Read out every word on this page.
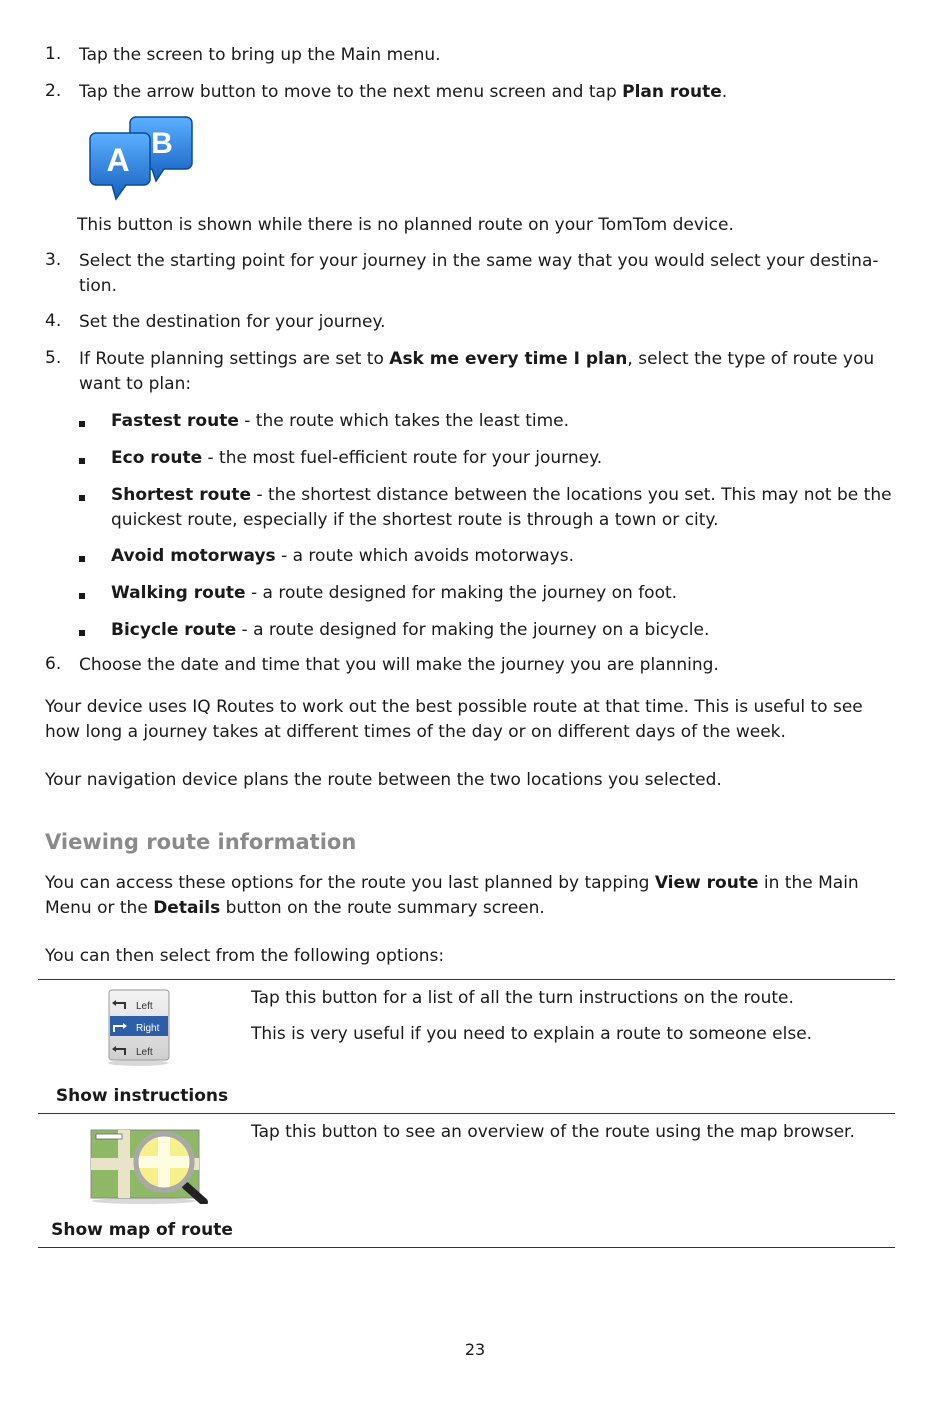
1. Tap the screen to bring up the Main menu.
2. Tap the arrow button to move to the next menu screen and tap Plan route.
B
A
This button is shown while there is no planned route on your TomTom device.
3. Select the starting point for your journey in the same way that you would select your destina-
tion.
4. Set the destination for your journey.
5. If Route planning settings are set to Ask me every time I plan, select the type of route you want to plan:
Fastest route - the route which takes the least time.
Eco route - the most fuel-efficient route for your journey.
Shortest route - the shortest distance between the locations you set. This may not be the quickest route, especially if the shortest route is through a town or city.
Avoid motorways - a route which avoids motorways.
Walking route - a route designed for making the journey on foot.
Bicycle route - a route designed for making the journey on a bicycle.
6. Choose the date and time that you will make the journey you are planning.
Your device uses IQ Routes to work out the best possible route at that time. This is useful to see how long a journey takes at different times of the day or on different days of the week.
Your navigation device plans the route between the two locations you selected.
Viewing route information
You can access these options for the route you last planned by tapping View route in the Main Menu or the Details button on the route summary screen.
You can then select from the following options:
Left
Right
Left
Show instructions
Tap this button for a list of all the turn instructions on the route.
This is very useful if you need to explain a route to someone else.
Show map of route
Tap this button to see an overview of the route using the map browser.
23
